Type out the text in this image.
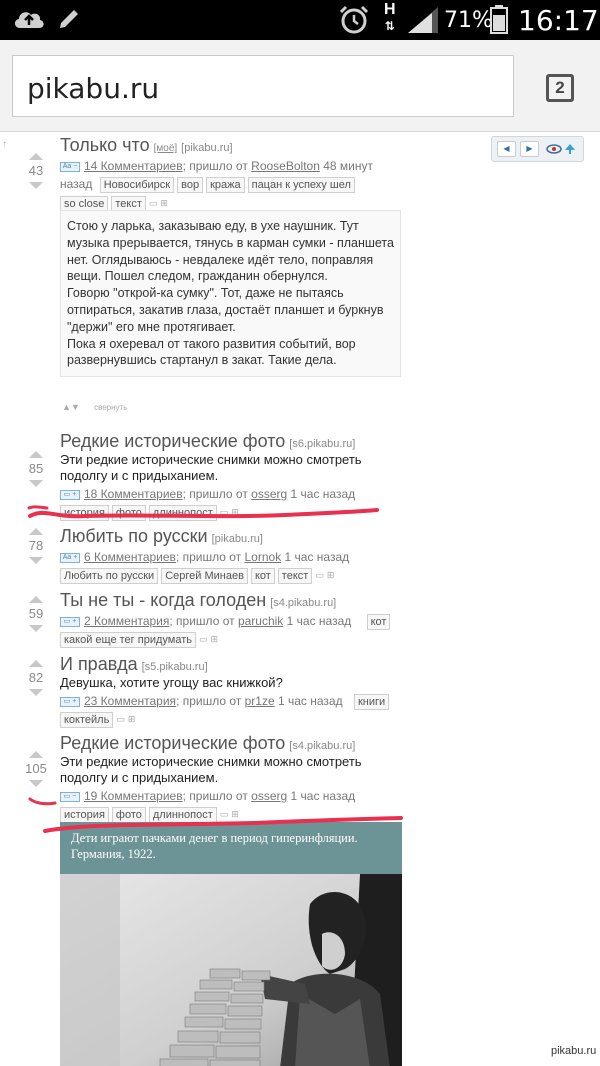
H
⇅ 71% 16:17
pikabu.ru	2
↑	◀	▶
43
Только что [моё] [pikabu.ru]
Aa − 14 Комментариев; пришло от RooseBolton 48 минут назад Новосибирск вор кража пацан к успеху шел
so close текст ▭⊞
Стою у ларька, заказываю еду, в ухе наушник. Тут музыка прерывается, тянусь в карман сумки - планшета нет. Оглядываюсь - невдалеке идёт тело, поправляя вещи. Пошел следом, гражданин обернулся.
Говорю "открой-ка сумку". Тот, даже не пытаясь отпираться, закатив глаза, достаёт планшет и буркнув "держи" его мне протягивает.
Пока я охеревал от такого развития событий, вор развернувшись стартанул в закат. Такие дела.
▲▼ свернуть
85
Редкие исторические фото [s6.pikabu.ru]
Эти редкие исторические снимки можно смотреть подолгу и с придыханием.
▭ + 18 Комментариев; пришло от osserg 1 час назад
история фото длиннопост ▭⊞
78 Любить по русски [pikabu.ru]
Aa + 6 Комментариев; пришло от Lornok 1 час назад
Любить по русски Сергей Минаев кот текст ▭⊞
59
Ты не ты - когда голоден [s4.pikabu.ru]
▭ + 2 Комментария; пришло от paruchik 1 час назад кот
какой еще тег придумать ▭⊞
82
И правда [s5.pikabu.ru]
Девушка, хотите угощу вас книжкой?
▭ + 23 Комментария; пришло от pr1ze 1 час назад книги
коктейль ▭⊞
105
Редкие исторические фото [s4.pikabu.ru]
Эти редкие исторические снимки можно смотреть подолгу и с придыханием.
▭ − 19 Комментариев; пришло от osserg 1 час назад
история фото длиннопост ▭⊞
Дети играют пачками денег в период гиперинфляции. Германия, 1922.
pikabu.ru
